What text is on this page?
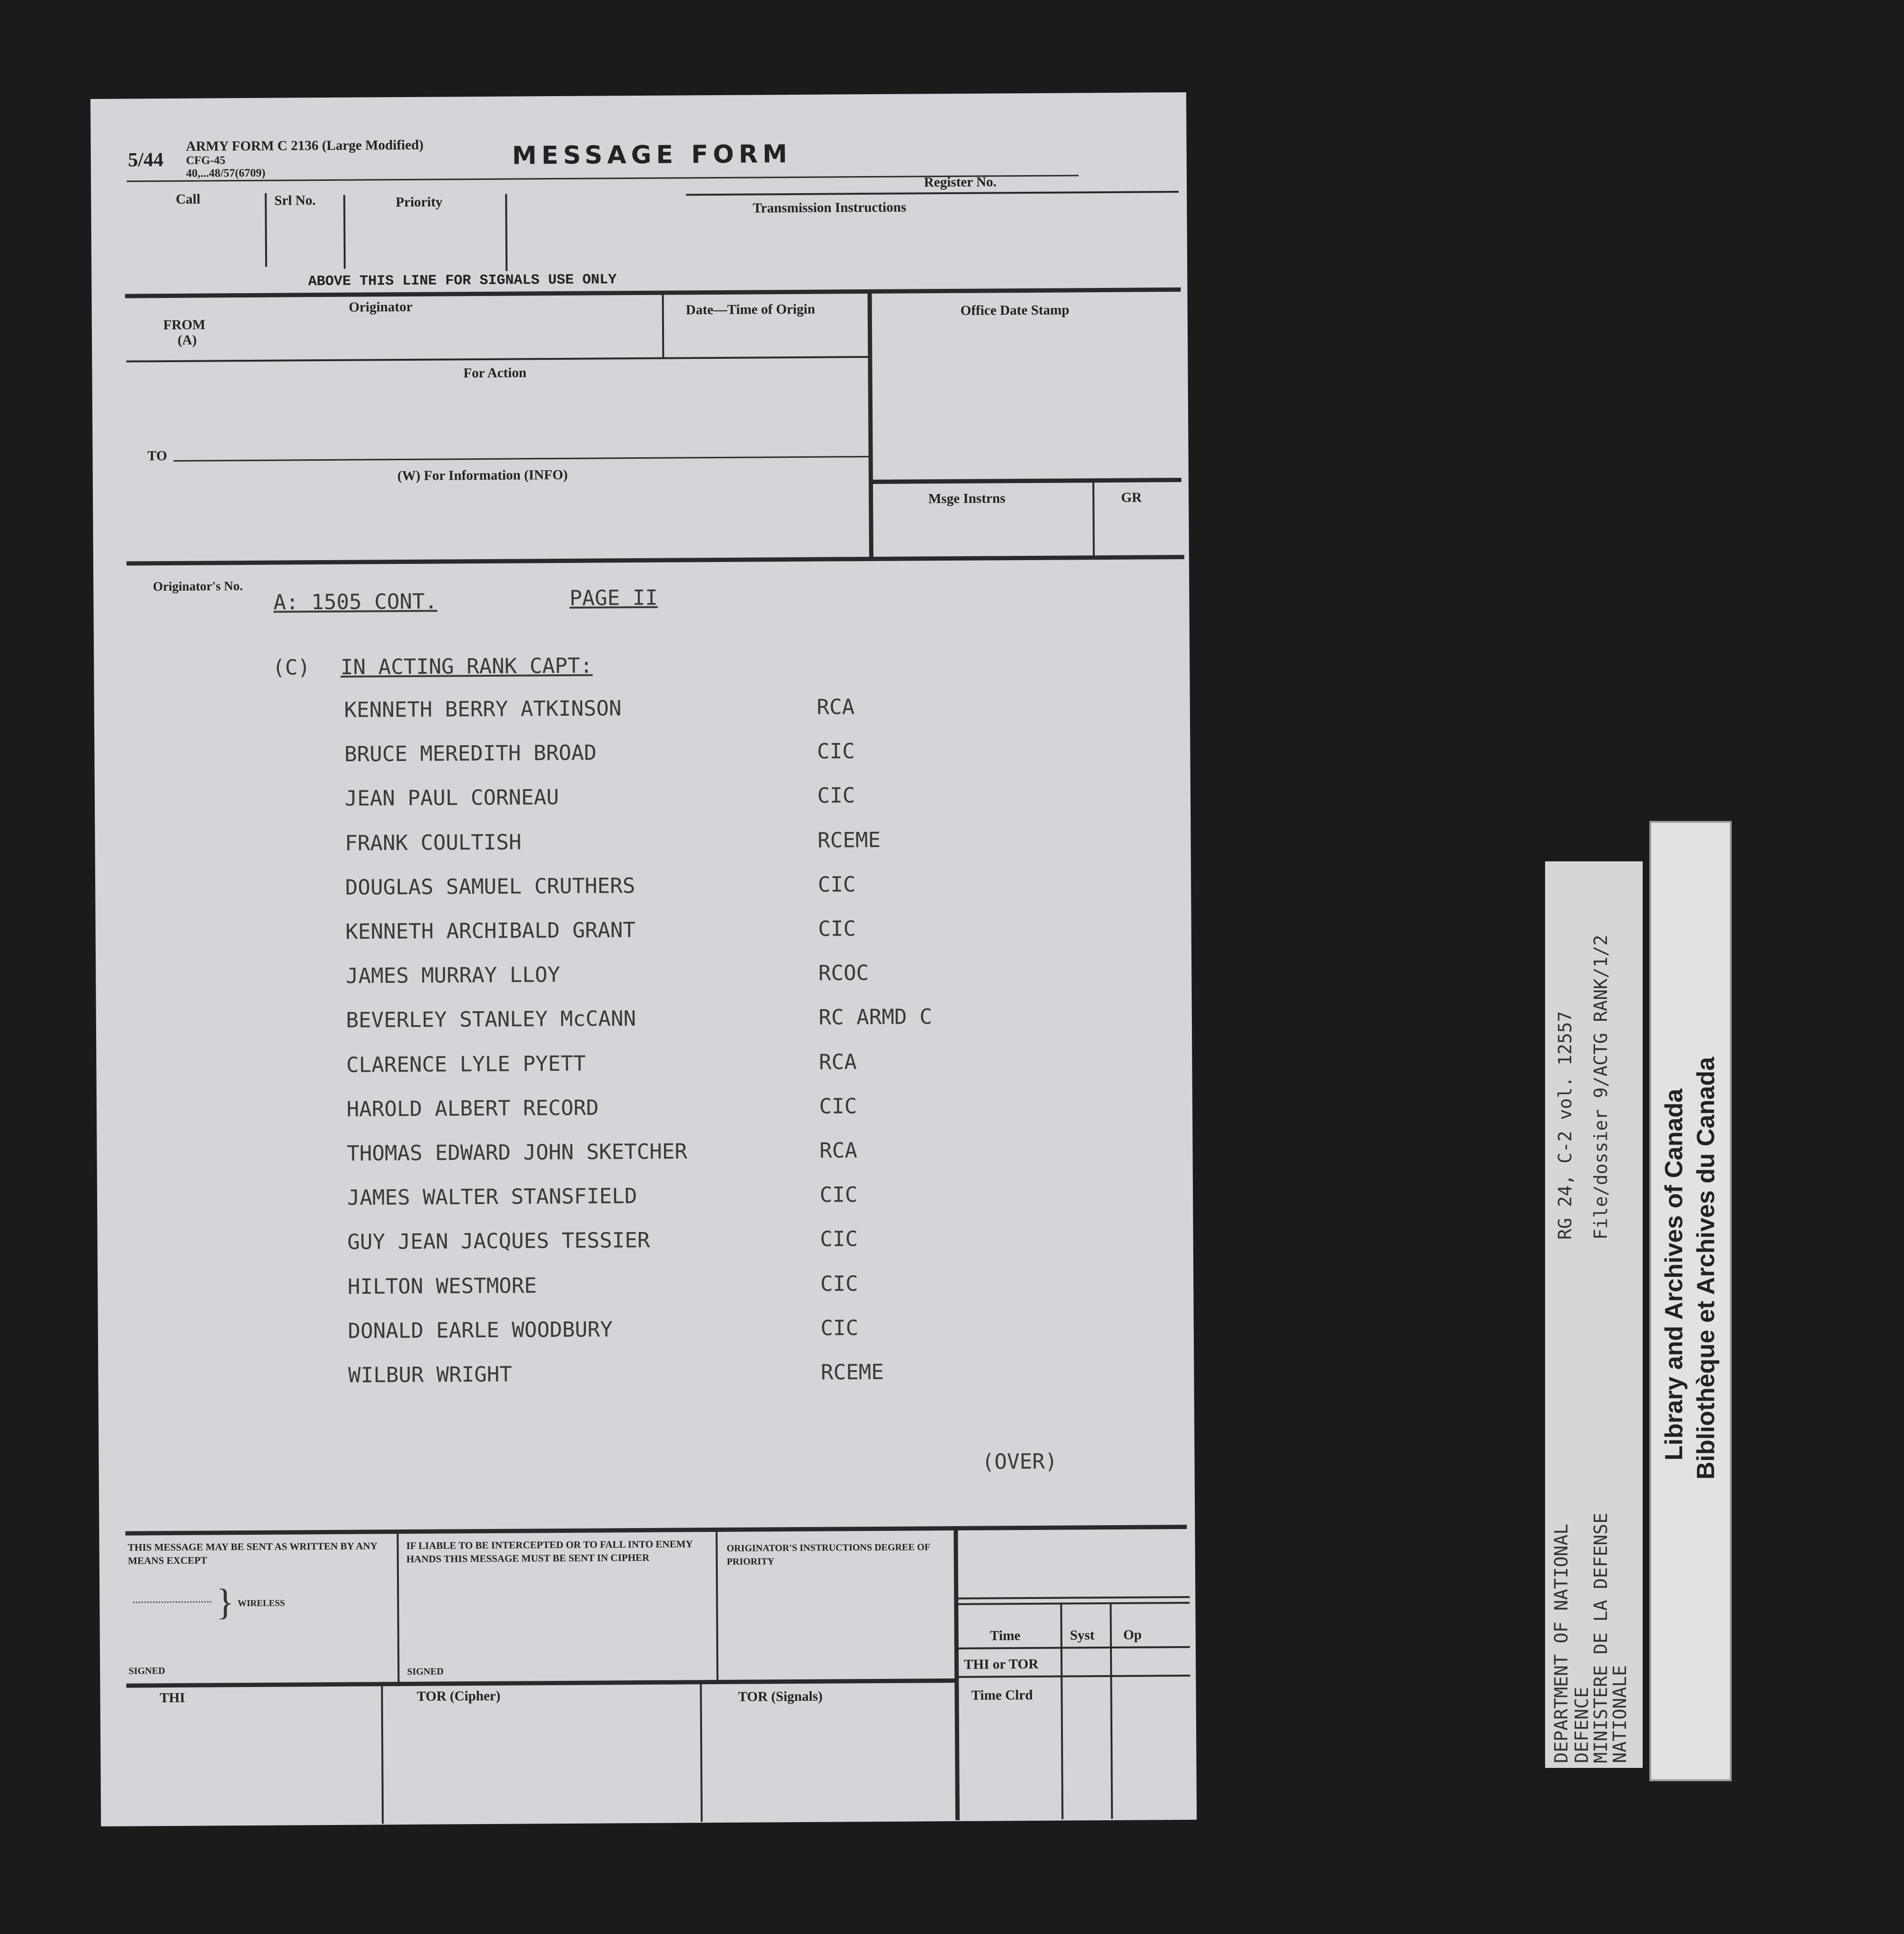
5/44
ARMY FORM C 2136 (Large Modified)
CFG-45
40,...48/57(6709)
MESSAGE FORM
Register No.
Call	Srl No.	Priority	Transmission Instructions
ABOVE THIS LINE FOR SIGNALS USE ONLY
FROM
(A)
Originator	Date—Time of Origin	Office Date Stamp
For Action
TO
(W) For Information (INFO)
Msge Instrns	GR
Originator's No.
A: 1505 CONT.	PAGE II
(C) IN ACTING RANK CAPT:
KENNETH BERRY ATKINSON	RCA
BRUCE MEREDITH BROAD	CIC
JEAN PAUL CORNEAU	CIC
FRANK COULTISH	RCEME
DOUGLAS SAMUEL CRUTHERS	CIC
KENNETH ARCHIBALD GRANT	CIC
JAMES MURRAY LLOY	RCOC
BEVERLEY STANLEY McCANN	RC ARMD C
CLARENCE LYLE PYETT	RCA
HAROLD ALBERT RECORD	CIC
THOMAS EDWARD JOHN SKETCHER	RCA
JAMES WALTER STANSFIELD	CIC
GUY JEAN JACQUES TESSIER	CIC
HILTON WESTMORE	CIC
DONALD EARLE WOODBURY	CIC
WILBUR WRIGHT	RCEME
(OVER)
THIS MESSAGE MAY BE SENT AS WRITTEN BY ANY MEANS EXCEPT
} WIRELESS
SIGNED
IF LIABLE TO BE INTERCEPTED OR TO FALL INTO ENEMY HANDS THIS MESSAGE MUST BE SENT IN CIPHER
SIGNED
ORIGINATOR'S INSTRUCTIONS DEGREE OF PRIORITY
Time	Syst Op
THI or TOR
Time Clrd
THI	TOR (Cipher)	TOR (Signals)	DEPARTMENT OF NATIONAL DEFENCE
MINISTERE DE LA DEFENSE
NATIONALE
RG 24, C-2 vol. 12557 File/dossier 9/ACTG RANK/1/2
Library and Archives of Canada Bibliothèque et Archives du Canada
